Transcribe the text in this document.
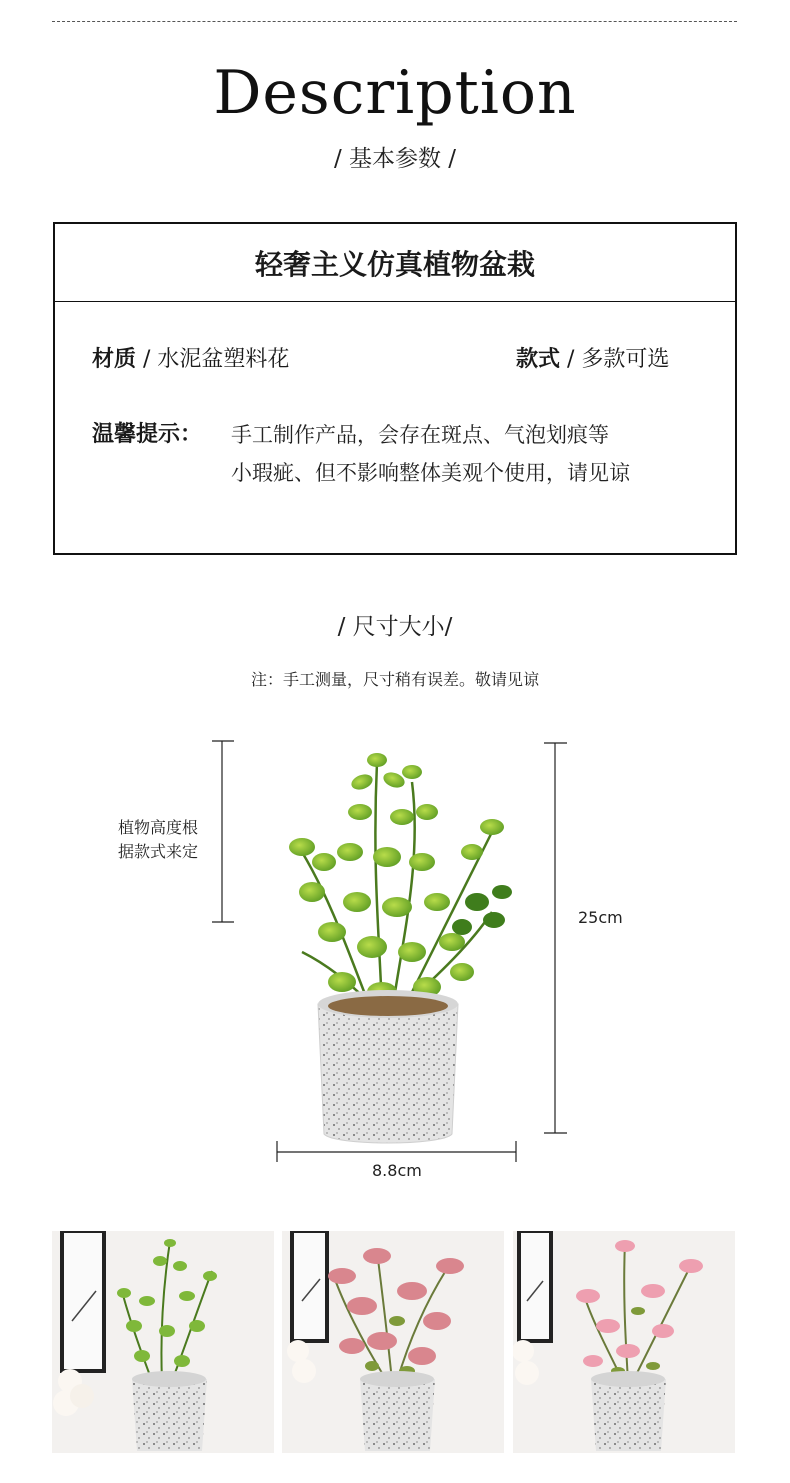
Description
/ 基本参数 /
轻奢主义仿真植物盆栽
材质 / 水泥盆塑料花	款式 / 多款可选
温馨提示： 手工制作产品，会存在斑点、气泡划痕等
小瑕疵、但不影响整体美观个使用，请见谅
/ 尺寸大小/
注：手工测量，尺寸稍有误差。敬请见谅
植物高度根
据款式来定
25cm
8.8cm
